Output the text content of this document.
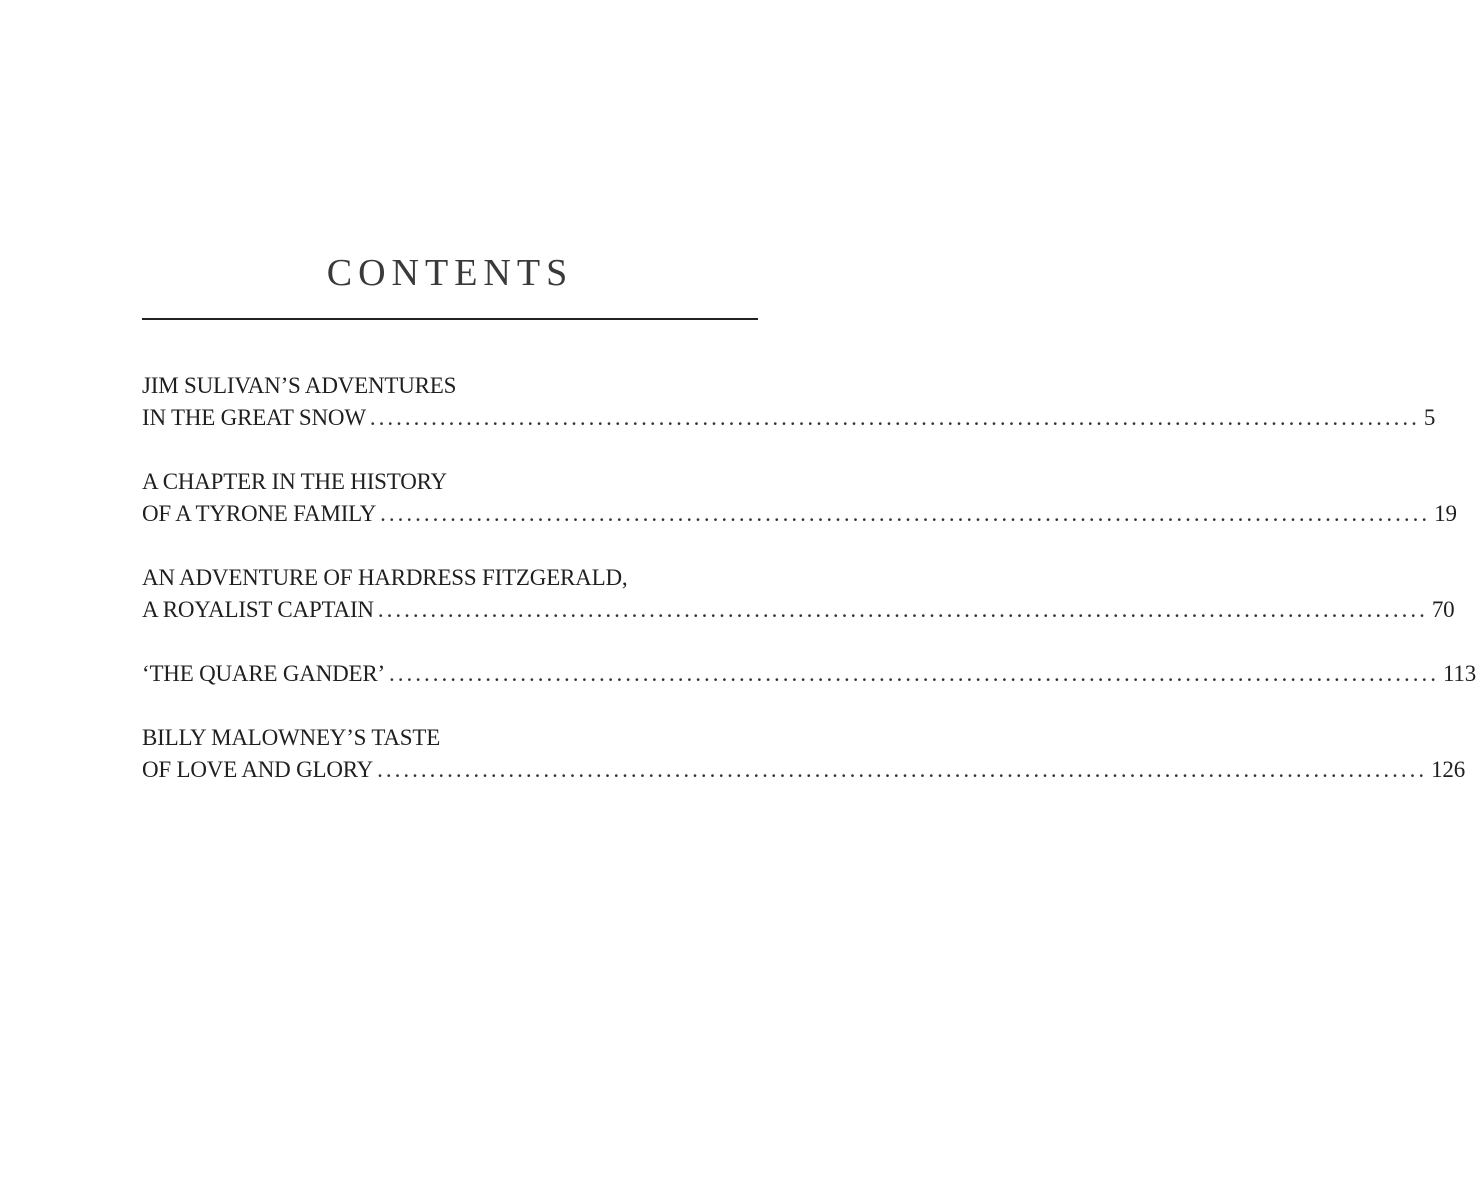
CONTENTS
JIM SULIVAN’S ADVENTURES
IN THE GREAT SNOW ........................................................................................................................ 5
A CHAPTER IN THE HISTORY
OF A TYRONE FAMILY ........................................................................................................................ 19
AN ADVENTURE OF HARDRESS FITZGERALD,
A ROYALIST CAPTAIN ........................................................................................................................ 70
‘THE QUARE GANDER’ ........................................................................................................................ 113
BILLY MALOWNEY’S TASTE
OF LOVE AND GLORY ........................................................................................................................ 126
